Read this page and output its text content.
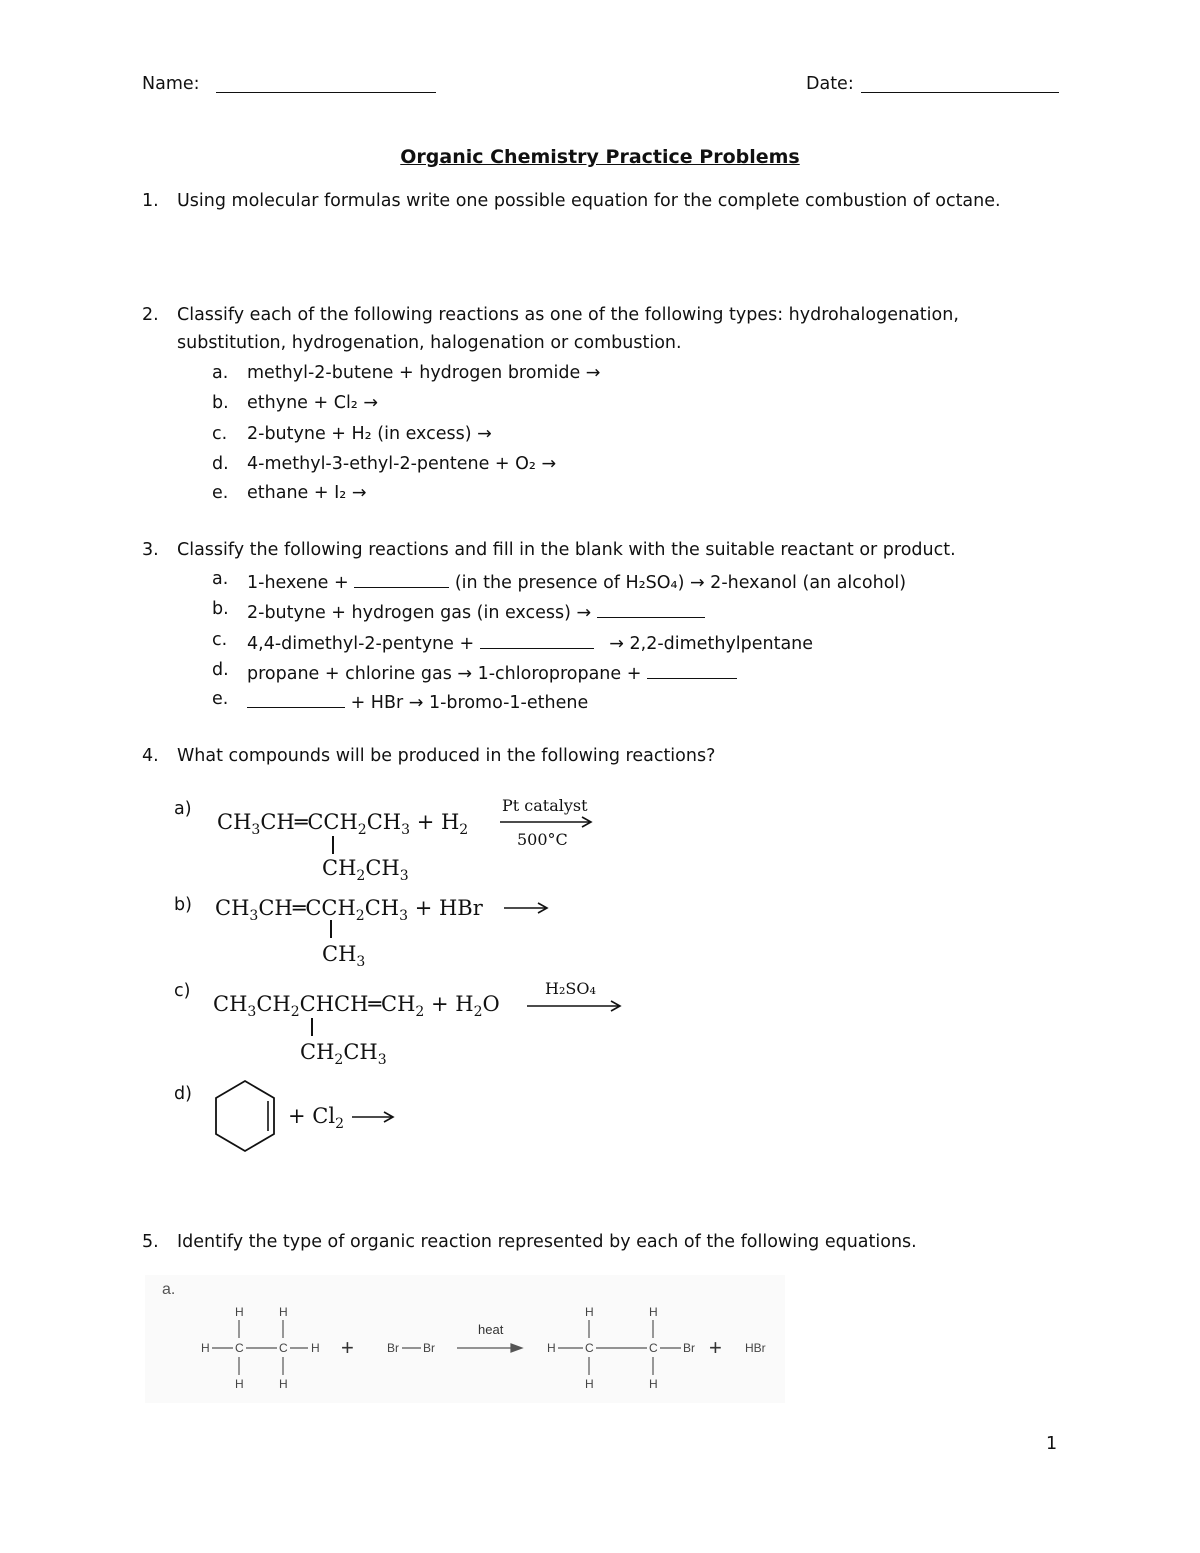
Name:	Date:
Organic Chemistry Practice Problems
1. Using molecular formulas write one possible equation for the complete combustion of octane.
2. Classify each of the following reactions as one of the following types: hydrohalogenation,
substitution, hydrogenation, halogenation or combustion.
a. methyl-2-butene + hydrogen bromide →
b. ethyne + Cl₂ →
c. 2-butyne + H₂ (in excess) →
d. 4-methyl-3-ethyl-2-pentene + O₂ →
e. ethane + I₂ →
3. Classify the following reactions and fill in the blank with the suitable reactant or product.
a. 1-hexene +	(in the presence of H₂SO₄) → 2-hexanol (an alcohol)
b. 2-butyne + hydrogen gas (in excess) →
c. 4,4-dimethyl-2-pentyne +	→ 2,2-dimethylpentane
d. propane + chlorine gas → 1-chloropropane +
e.	+ HBr → 1-bromo-1-ethene
4. What compounds will be produced in the following reactions?
a)
$CH_3CH═CCH_2CH_3 + H_2$
Pt catalyst
500°C
$CH_2CH_3$
b) $CH_3CH═CCH_2CH_3$ + HBr →
$CH_3$
c)
$CH_3CH_2CHCH═CH_2 + H_2O$
H₂SO₄
$CH_2CH_3$
d)
+ $Cl_2$ →
5. Identify the type of organic reaction represented by each of the following equations.
a.
H	H
H C	C H
H	H
+	Br Br
H	H
H C	C Br
H	H
+ HBr
heat
1
